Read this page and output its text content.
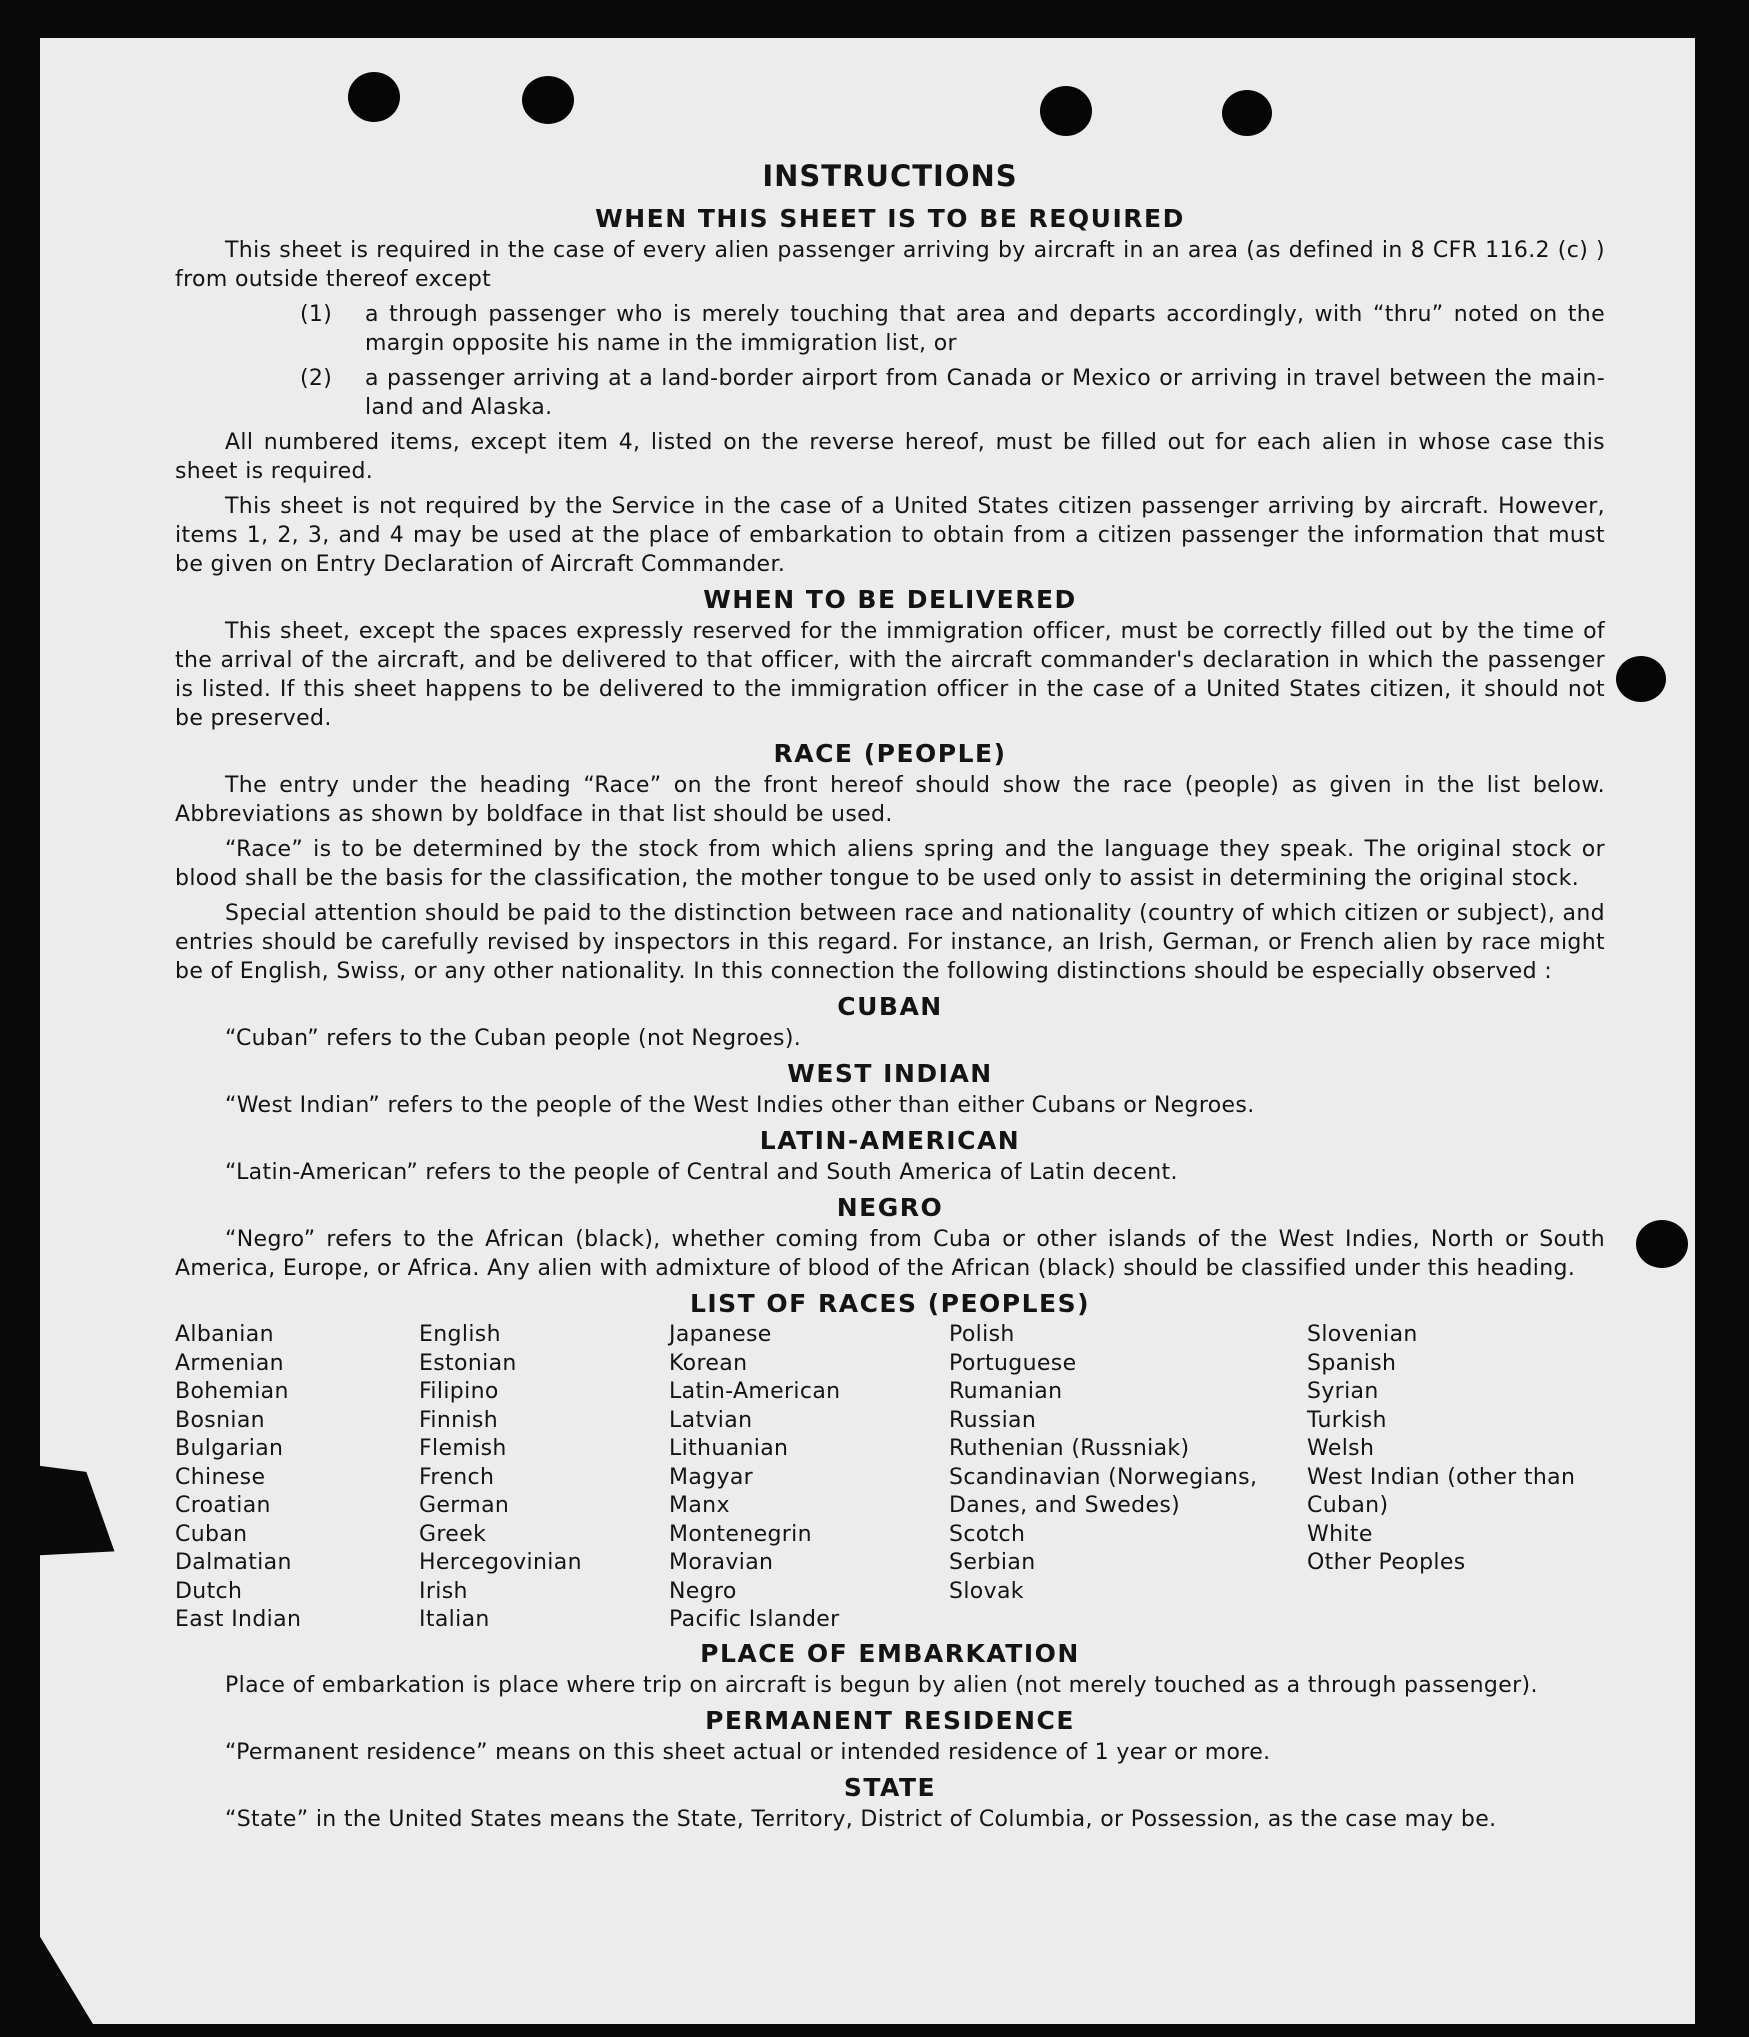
INSTRUCTIONS
WHEN THIS SHEET IS TO BE REQUIRED

This sheet is required in the case of every alien passenger arriving by aircraft in an area (as defined in 8 CFR 116.2 (c) ) from outside thereof except

(1)	a through passenger who is merely touching that area and departs accordingly, with “thru” noted on the margin opposite his name in the immigration list, or
(2)	a passenger arriving at a land-border airport from Canada or Mexico or arriving in travel between the main-land and Alaska.

All numbered items, except item 4, listed on the reverse hereof, must be filled out for each alien in whose case this sheet is required.

This sheet is not required by the Service in the case of a United States citizen passenger arriving by aircraft. However, items 1, 2, 3, and 4 may be used at the place of embarkation to obtain from a citizen passenger the information that must be given on Entry Declaration of Aircraft Commander.

WHEN TO BE DELIVERED

This sheet, except the spaces expressly reserved for the immigration officer, must be correctly filled out by the time of the arrival of the aircraft, and be delivered to that officer, with the aircraft commander's declaration in which the passenger is listed. If this sheet happens to be delivered to the immigration officer in the case of a United States citizen, it should not be preserved.

RACE (PEOPLE)

The entry under the heading “Race” on the front hereof should show the race (people) as given in the list below. Abbreviations as shown by boldface in that list should be used.

“Race” is to be determined by the stock from which aliens spring and the language they speak. The original stock or blood shall be the basis for the classification, the mother tongue to be used only to assist in determining the original stock.

Special attention should be paid to the distinction between race and nationality (country of which citizen or subject), and entries should be carefully revised by inspectors in this regard. For instance, an Irish, German, or French alien by race might be of English, Swiss, or any other nationality. In this connection the following distinctions should be especially observed :

CUBAN

“Cuban” refers to the Cuban people (not Negroes).

WEST INDIAN

“West Indian” refers to the people of the West Indies other than either Cubans or Negroes.

LATIN-AMERICAN

“Latin-American” refers to the people of Central and South America of Latin decent.

NEGRO

“Negro” refers to the African (black), whether coming from Cuba or other islands of the West Indies, North or South America, Europe, or Africa. Any alien with admixture of blood of the African (black) should be classified under this heading.

LIST OF RACES (PEOPLES)
Albanian
Armenian
Bohemian
Bosnian
Bulgarian
Chinese
Croatian
Cuban
Dalmatian
Dutch
East Indian
English
Estonian
Filipino
Finnish
Flemish
French
German
Greek
Hercegovinian
Irish
Italian
Japanese
Korean
Latin-American
Latvian
Lithuanian
Magyar
Manx
Montenegrin
Moravian
Negro
Pacific Islander
Polish
Portuguese
Rumanian
Russian
Ruthenian (Russniak)
Scandinavian (Norwegians, Danes, and Swedes)
Scotch
Serbian
Slovak
Slovenian
Spanish
Syrian
Turkish
Welsh
West Indian (other than Cuban)
White
Other Peoples
PLACE OF EMBARKATION

Place of embarkation is place where trip on aircraft is begun by alien (not merely touched as a through passenger).

PERMANENT RESIDENCE

“Permanent residence” means on this sheet actual or intended residence of 1 year or more.

STATE

“State” in the United States means the State, Territory, District of Columbia, or Possession, as the case may be.
